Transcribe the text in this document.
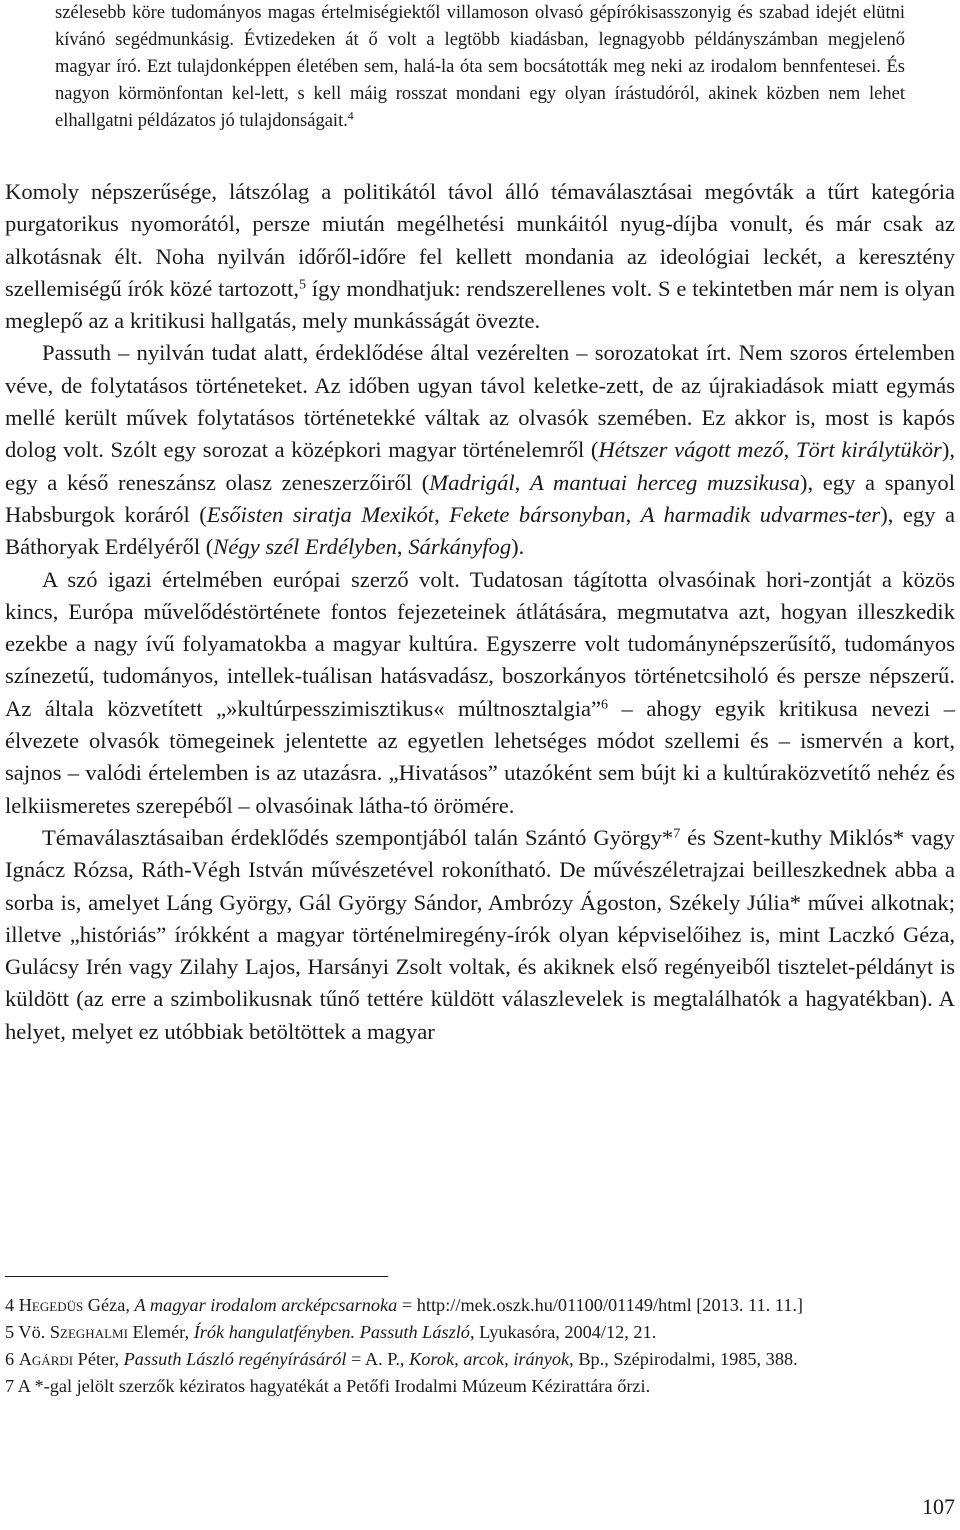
szélesebb köre tudományos magas értelmiségiektől villamoson olvasó gépírókisasszonyig és szabad idejét elütni kívánó segédmunkásig. Évtizedeken át ő volt a legtöbb kiadásban, legnagyobb példányszámban megjelenő magyar író. Ezt tulajdonképpen életében sem, halá-la óta sem bocsátották meg neki az irodalom bennfentesei. És nagyon körmönfontan kel-lett, s kell máig rosszat mondani egy olyan írástudóról, akinek közben nem lehet elhallgatni példázatos jó tulajdonságait.$^4$

Komoly népszerűsége, látszólag a politikától távol álló témaválasztásai megóvták a tűrt kategória purgatorikus nyomorától, persze miután megélhetési munkáitól nyug-díjba vonult, és már csak az alkotásnak élt. Noha nyilván időről-időre fel kellett mondania az ideológiai leckét, a keresztény szellemiségű írók közé tartozott,$^5$ így mondhatjuk: rendszerellenes volt. S e tekintetben már nem is olyan meglepő az a kritikusi hallgatás, mely munkásságát övezte.

Passuth – nyilván tudat alatt, érdeklődése által vezérelten – sorozatokat írt. Nem szoros értelemben véve, de folytatásos történeteket. Az időben ugyan távol keletke-zett, de az újrakiadások miatt egymás mellé került művek folytatásos történetekké váltak az olvasók szemében. Ez akkor is, most is kapós dolog volt. Szólt egy sorozat a középkori magyar történelemről (Hétszer vágott mező, Tört királytükör), egy a késő reneszánsz olasz zeneszerzőiről (Madrigál, A mantuai herceg muzsikusa), egy a spanyol Habsburgok koráról (Esőisten siratja Mexikót, Fekete bársonyban, A harmadik udvarmes-ter), egy a Báthoryak Erdélyéről (Négy szél Erdélyben, Sárkányfog).

A szó igazi értelmében európai szerző volt. Tudatosan tágította olvasóinak hori-zontját a közös kincs, Európa művelődéstörténete fontos fejezeteinek átlátására, megmutatva azt, hogyan illeszkedik ezekbe a nagy ívű folyamatokba a magyar kultúra. Egyszerre volt tudománynépszerűsítő, tudományos színezetű, tudományos, intellek-tuálisan hatásvadász, boszorkányos történetcsiholó és persze népszerű. Az általa közvetített „»kultúrpesszimisztikus« múltnosztalgia”$^6$ – ahogy egyik kritikusa nevezi – élvezete olvasók tömegeinek jelentette az egyetlen lehetséges módot szellemi és – ismervén a kort, sajnos – valódi értelemben is az utazásra. „Hivatásos” utazóként sem bújt ki a kultúraközvetítő nehéz és lelkiismeretes szerepéből – olvasóinak látha-tó örömére.

Témaválasztásaiban érdeklődés szempontjából talán Szántó György*$^7$ és Szent-kuthy Miklós* vagy Ignácz Rózsa, Ráth-Végh István művészetével rokonítható. De művészéletrajzai beilleszkednek abba a sorba is, amelyet Láng György, Gál György Sándor, Ambrózy Ágoston, Székely Júlia* művei alkotnak; illetve „históriás” írókként a magyar történelmiregény-írók olyan képviselőihez is, mint Laczkó Géza, Gulácsy Irén vagy Zilahy Lajos, Harsányi Zsolt voltak, és akiknek első regényeiből tisztelet-példányt is küldött (az erre a szimbolikusnak tűnő tettére küldött válaszlevelek is megtalálhatók a hagyatékban). A helyet, melyet ez utóbbiak betöltöttek a magyar

4 Hegedüs Géza, A magyar irodalom arcképcsarnoka = http://mek.oszk.hu/01100/01149/html [2013. 11. 11.]

5 Vö. Szeghalmi Elemér, Írók hangulatfényben. Passuth László, Lyukasóra, 2004/12, 21.

6 Agárdi Péter, Passuth László regényírásáról = A. P., Korok, arcok, irányok, Bp., Szépirodalmi, 1985, 388.

7 A *-gal jelölt szerzők kéziratos hagyatékát a Petőfi Irodalmi Múzeum Kézirattára őrzi.

107
